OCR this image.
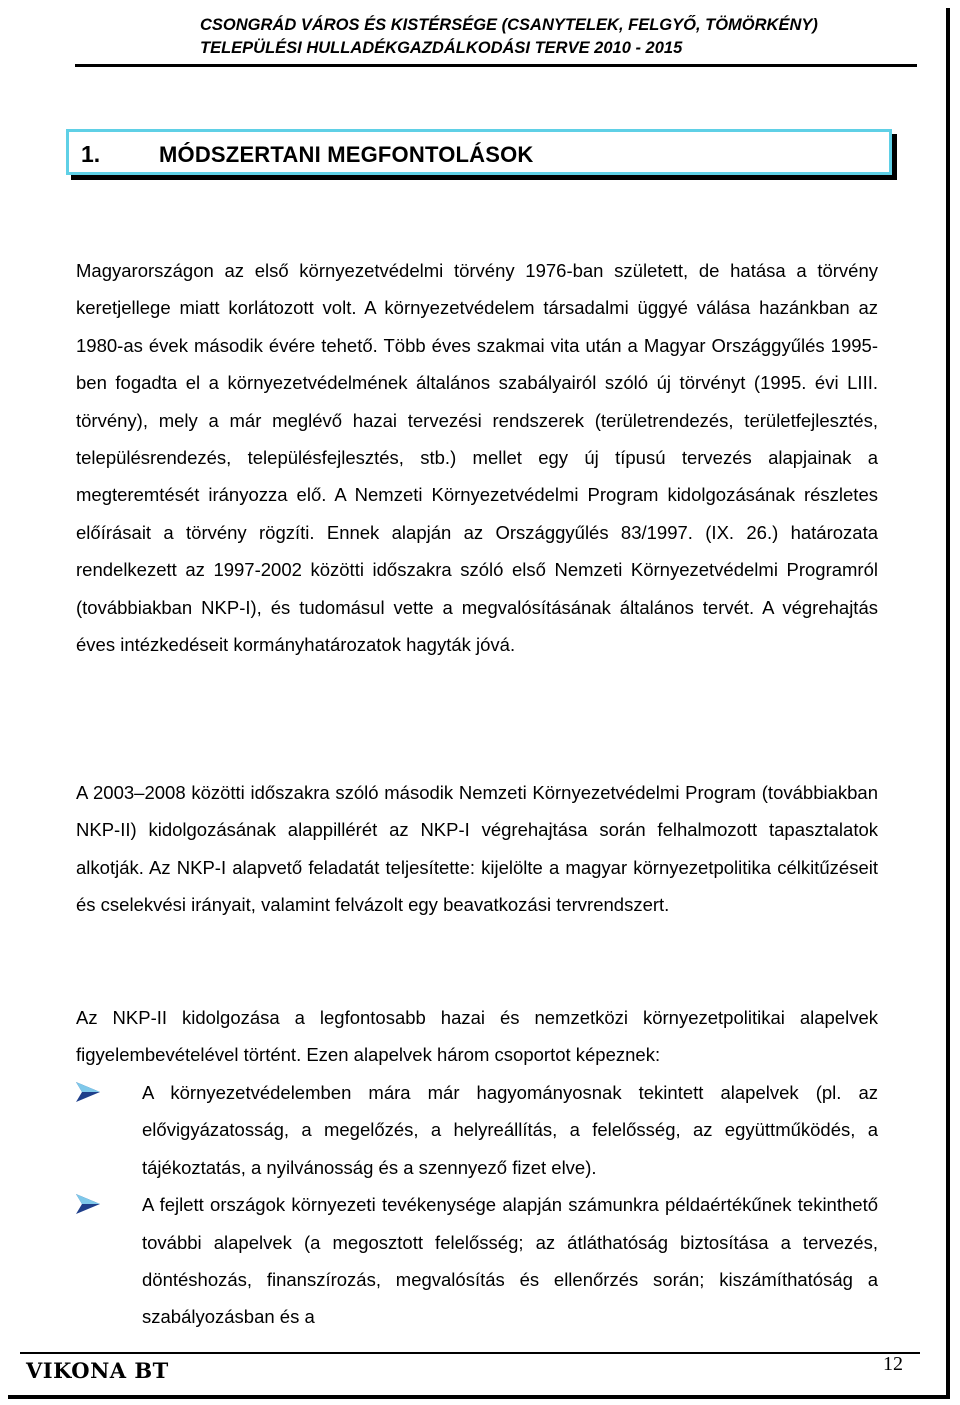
CSONGRÁD VÁROS ÉS KISTÉRSÉGE (CSANYTELEK, FELGYŐ, TÖMÖRKÉNY)
TELEPÜLÉSI HULLADÉKGAZDÁLKODÁSI TERVE 2010 - 2015
1.	MÓDSZERTANI MEGFONTOLÁSOK

Magyarországon az első környezetvédelmi törvény 1976-ban született, de hatása a törvény keretjellege miatt korlátozott volt. A környezetvédelem társadalmi üggyé válása hazánkban az 1980-as évek második évére tehető. Több éves szakmai vita után a Magyar Országgyűlés 1995-ben fogadta el a környezetvédelmének általános szabályairól szóló új törvényt (1995. évi LIII. törvény), mely a már meglévő hazai tervezési rendszerek (területrendezés, területfejlesztés, településrendezés, településfejlesztés, stb.) mellet egy új típusú tervezés alapjainak a megteremtését irányozza elő. A Nemzeti Környezetvédelmi Program kidolgozásának részletes előírásait a törvény rögzíti. Ennek alapján az Országgyűlés 83/1997. (IX. 26.) határozata rendelkezett az 1997-2002 közötti időszakra szóló első Nemzeti Környezetvédelmi Programról (továbbiakban NKP-I), és tudomásul vette a megvalósításának általános tervét. A végrehajtás éves intézkedéseit kormányhatározatok hagyták jóvá.

A 2003–2008 közötti időszakra szóló második Nemzeti Környezetvédelmi Program (továbbiakban NKP-II) kidolgozásának alappillérét az NKP-I végrehajtása során felhalmozott tapasztalatok alkotják. Az NKP-I alapvető feladatát teljesítette: kijelölte a magyar környezetpolitika célkitűzéseit és cselekvési irányait, valamint felvázolt egy beavatkozási tervrendszert.

Az NKP-II kidolgozása a legfontosabb hazai és nemzetközi környezetpolitikai alapelvek figyelembevételével történt. Ezen alapelvek három csoportot képeznek:

A környezetvédelemben mára már hagyományosnak tekintett alapelvek (pl. az elővigyázatosság, a megelőzés, a helyreállítás, a felelősség, az együttműködés, a tájékoztatás, a nyilvánosság és a szennyező fizet elve).
A fejlett országok környezeti tevékenysége alapján számunkra példaértékűnek tekinthető további alapelvek (a megosztott felelősség; az átláthatóság biztosítása a tervezés, döntéshozás, finanszírozás, megvalósítás és ellenőrzés során; kiszámíthatóság a szabályozásban és a
VIKONA BT	12
